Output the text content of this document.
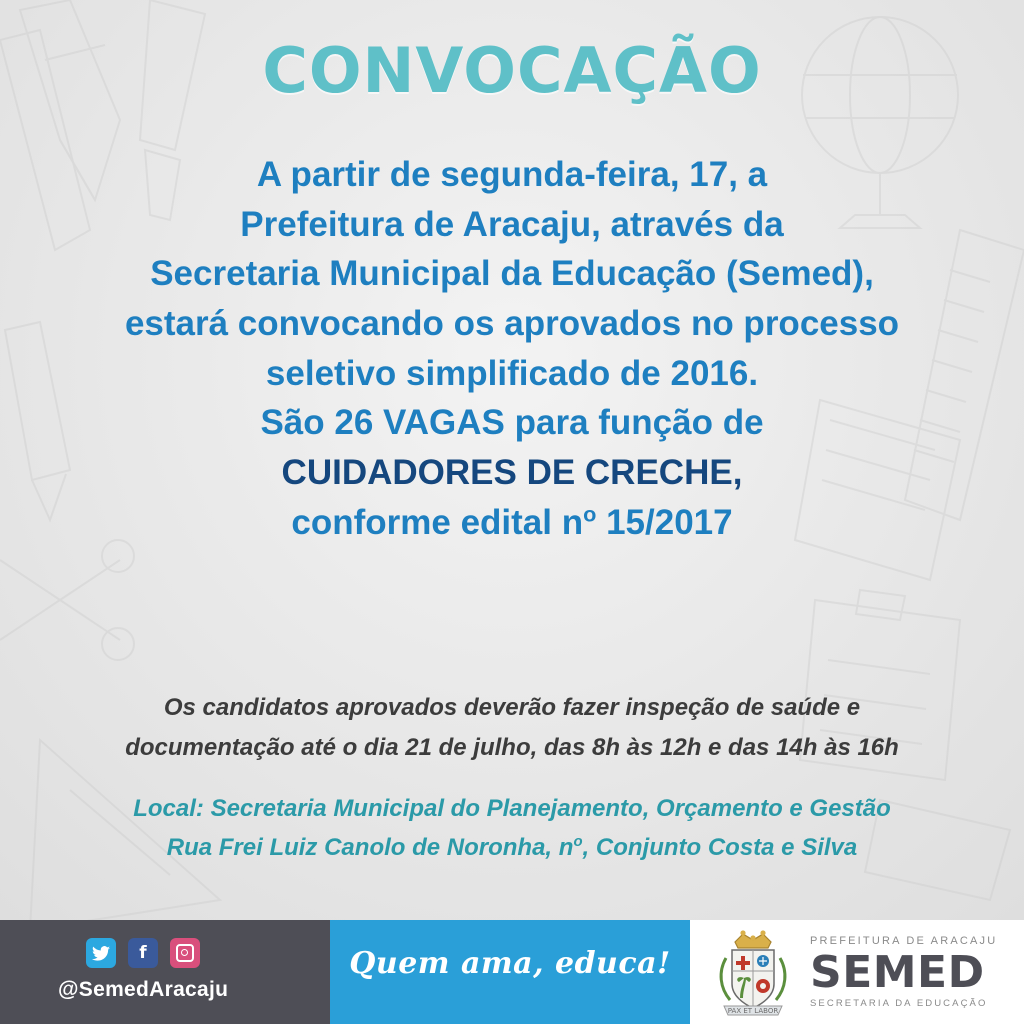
CONVOCAÇÃO
A partir de segunda-feira, 17, a
Prefeitura de Aracaju, através da
Secretaria Municipal da Educação (Semed),
estará convocando os aprovados no processo
seletivo simplificado de 2016.
São 26 VAGAS para função de
CUIDADORES DE CRECHE,
conforme edital $n^o$ 15/2017
Os candidatos aprovados deverão fazer inspeção de saúde e
documentação até o dia 21 de julho, das 8h às 12h e das 14h às 16h
Local: Secretaria Municipal do Planejamento, Orçamento e Gestão
Rua Frei Luiz Canolo de Noronha, $n^o$, Conjunto Costa e Silva
f
@SemedAracaju
Quem ama, educa!
PAX ET LABOR
PREFEITURA DE ARACAJU
SEMED
SECRETARIA DA EDUCAÇÃO
